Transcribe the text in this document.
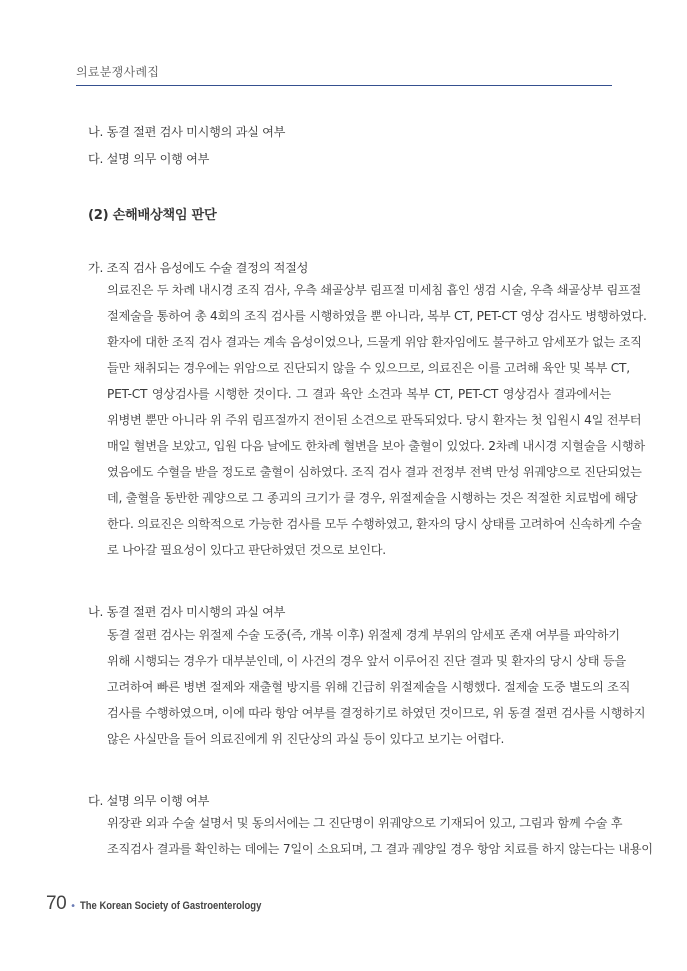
의료분쟁사례집
나. 동결 절편 검사 미시행의 과실 여부
다. 설명 의무 이행 여부
(2) 손해배상책임 판단
가. 조직 검사 음성에도 수술 결정의 적절성
의료진은 두 차례 내시경 조직 검사, 우측 쇄골상부 림프절 미세침 흡인 생검 시술, 우측 쇄골상부 림프절
절제술을 통하여 총 4회의 조직 검사를 시행하였을 뿐 아니라, 복부 CT, PET-CT 영상 검사도 병행하였다.
환자에 대한 조직 검사 결과는 계속 음성이었으나, 드물게 위암 환자임에도 불구하고 암세포가 없는 조직
들만 채취되는 경우에는 위암으로 진단되지 않을 수 있으므로, 의료진은 이를 고려해 육안 및 복부 CT,
PET-CT 영상검사를 시행한 것이다. 그 결과 육안 소견과 복부 CT, PET-CT 영상검사 결과에서는
위병변 뿐만 아니라 위 주위 림프절까지 전이된 소견으로 판독되었다. 당시 환자는 첫 입원시 4일 전부터
매일 혈변을 보았고, 입원 다음 날에도 한차례 혈변을 보아 출혈이 있었다. 2차례 내시경 지혈술을 시행하
였음에도 수혈을 받을 정도로 출혈이 심하였다. 조직 검사 결과 전정부 전벽 만성 위궤양으로 진단되었는
데, 출혈을 동반한 궤양으로 그 종괴의 크기가 클 경우, 위절제술을 시행하는 것은 적절한 치료법에 해당
한다. 의료진은 의학적으로 가능한 검사를 모두 수행하였고, 환자의 당시 상태를 고려하여 신속하게 수술
로 나아갈 필요성이 있다고 판단하였던 것으로 보인다.
나. 동결 절편 검사 미시행의 과실 여부
동결 절편 검사는 위절제 수술 도중(즉, 개복 이후) 위절제 경계 부위의 암세포 존재 여부를 파악하기
위해 시행되는 경우가 대부분인데, 이 사건의 경우 앞서 이루어진 진단 결과 및 환자의 당시 상태 등을
고려하여 빠른 병변 절제와 재출혈 방지를 위해 긴급히 위절제술을 시행했다. 절제술 도중 별도의 조직
검사를 수행하였으며, 이에 따라 항암 여부를 결정하기로 하였던 것이므로, 위 동결 절편 검사를 시행하지
않은 사실만을 들어 의료진에게 위 진단상의 과실 등이 있다고 보기는 어렵다.
다. 설명 의무 이행 여부
위장관 외과 수술 설명서 및 동의서에는 그 진단명이 위궤양으로 기재되어 있고, 그림과 함께 수술 후
조직검사 결과를 확인하는 데에는 7일이 소요되며, 그 결과 궤양일 경우 항암 치료를 하지 않는다는 내용이
70 • The Korean Society of Gastroenterology
